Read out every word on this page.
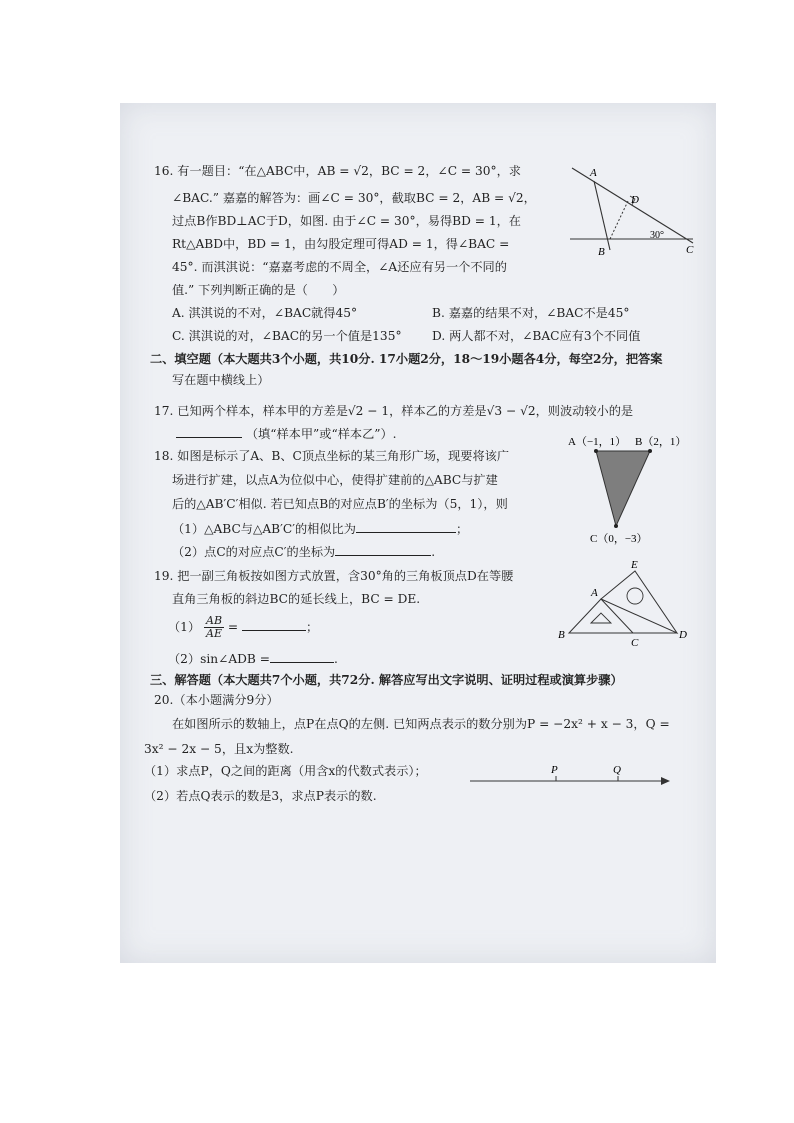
16. 有一题目：“在△ABC中，AB = √2，BC = 2，∠C = 30°，求
∠BAC.” 嘉嘉的解答为：画∠C = 30°，截取BC = 2，AB = √2，
过点B作BD⊥AC于D，如图. 由于∠C = 30°，易得BD = 1，在
Rt△ABD中，BD = 1，由勾股定理可得AD = 1，得∠BAC =
45°. 而淇淇说：“嘉嘉考虑的不周全，∠A还应有另一个不同的
值.” 下列判断正确的是（　　）
A. 淇淇说的不对，∠BAC就得45°	B. 嘉嘉的结果不对，∠BAC不是45°
C. 淇淇说的对，∠BAC的另一个值是135° D. 两人都不对，∠BAC应有3个不同值
A
D
B	C
30°
二、填空题（本大题共3个小题，共10分. 17小题2分，18～19小题各4分，每空2分，把答案
写在题中横线上）
17. 已知两个样本，样本甲的方差是√2 − 1，样本乙的方差是√3 − √2，则波动较小的是
（填“样本甲”或“样本乙”）.
18. 如图是标示了A、B、C顶点坐标的某三角形广场，现要将该广
场进行扩建，以点A为位似中心，使得扩建前的△ABC与扩建
后的△AB′C′相似. 若已知点B的对应点B′的坐标为（5，1），则
（1）△ABC与△AB′C′的相似比为	；
（2）点C的对应点C′的坐标为	.
A（−1，1） B（2，1）
C（0，−3）
19. 把一副三角板按如图方式放置，含30°角的三角板顶点D在等腰
直角三角板的斜边BC的延长线上，BC = DE.
$(1) \frac{AB}{AE}$ =	；
（2）sin∠ADB =	.
A
E
B
C
D
三、解答题（本大题共7个小题，共72分. 解答应写出文字说明、证明过程或演算步骤）
20.（本小题满分9分）
在如图所示的数轴上，点P在点Q的左侧. 已知两点表示的数分别为P = −2x² + x − 3，Q =
3x² − 2x − 5，且x为整数.
（1）求点P，Q之间的距离（用含x的代数式表示）；
（2）若点Q表示的数是3，求点P表示的数.
P	Q
